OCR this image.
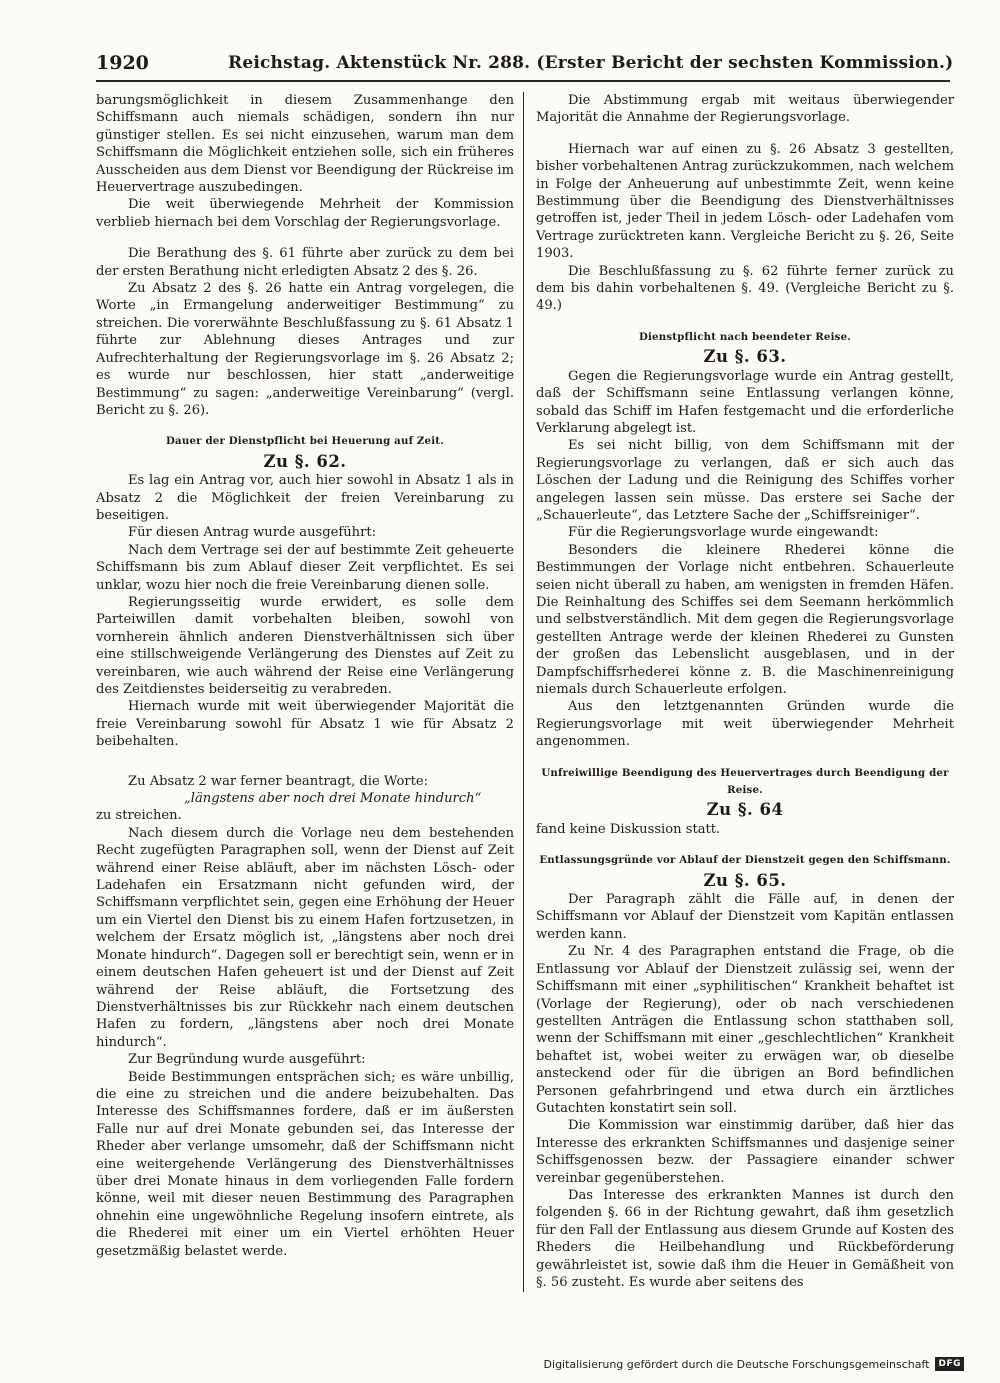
1920	Reichstag. Aktenstück Nr. 288. (Erster Bericht der sechsten Kommission.)

barungsmöglichkeit in diesem Zusammenhange den Schiffsmann auch niemals schädigen, sondern ihn nur günstiger stellen. Es sei nicht einzusehen, warum man dem Schiffsmann die Möglichkeit entziehen solle, sich ein früheres Ausscheiden aus dem Dienst vor Beendigung der Rückreise im Heuervertrage auszubedingen.

Die weit überwiegende Mehrheit der Kommission verblieb hiernach bei dem Vorschlag der Regierungsvorlage.

Die Berathung des §. 61 führte aber zurück zu dem bei der ersten Berathung nicht erledigten Absatz 2 des §. 26.

Zu Absatz 2 des §. 26 hatte ein Antrag vorgelegen, die Worte „in Ermangelung anderweitiger Bestimmung“ zu streichen. Die vorerwähnte Beschlußfassung zu §. 61 Absatz 1 führte zur Ablehnung dieses Antrages und zur Aufrechterhaltung der Regierungsvorlage im §. 26 Absatz 2; es wurde nur beschlossen, hier statt „anderweitige Bestimmung“ zu sagen: „anderweitige Vereinbarung“ (vergl. Bericht zu §. 26).

Dauer der Dienstpflicht bei Heuerung auf Zeit.
Zu §. 62.

Es lag ein Antrag vor, auch hier sowohl in Absatz 1 als in Absatz 2 die Möglichkeit der freien Vereinbarung zu beseitigen.

Für diesen Antrag wurde ausgeführt:

Nach dem Vertrage sei der auf bestimmte Zeit geheuerte Schiffsmann bis zum Ablauf dieser Zeit verpflichtet. Es sei unklar, wozu hier noch die freie Vereinbarung dienen solle.

Regierungsseitig wurde erwidert, es solle dem Parteiwillen damit vorbehalten bleiben, sowohl von vornherein ähnlich anderen Dienstverhältnissen sich über eine stillschweigende Verlängerung des Dienstes auf Zeit zu vereinbaren, wie auch während der Reise eine Verlängerung des Zeitdienstes beiderseitig zu verabreden.

Hiernach wurde mit weit überwiegender Majorität die freie Vereinbarung sowohl für Absatz 1 wie für Absatz 2 beibehalten.

Zu Absatz 2 war ferner beantragt, die Worte:

„längstens aber noch drei Monate hindurch“

zu streichen.

Nach diesem durch die Vorlage neu dem bestehenden Recht zugefügten Paragraphen soll, wenn der Dienst auf Zeit während einer Reise abläuft, aber im nächsten Lösch- oder Ladehafen ein Ersatzmann nicht gefunden wird, der Schiffsmann verpflichtet sein, gegen eine Erhöhung der Heuer um ein Viertel den Dienst bis zu einem Hafen fortzusetzen, in welchem der Ersatz möglich ist, „längstens aber noch drei Monate hindurch“. Dagegen soll er berechtigt sein, wenn er in einem deutschen Hafen geheuert ist und der Dienst auf Zeit während der Reise abläuft, die Fortsetzung des Dienstverhältnisses bis zur Rückkehr nach einem deutschen Hafen zu fordern, „längstens aber noch drei Monate hindurch“.

Zur Begründung wurde ausgeführt:

Beide Bestimmungen entsprächen sich; es wäre unbillig, die eine zu streichen und die andere beizubehalten. Das Interesse des Schiffsmannes fordere, daß er im äußersten Falle nur auf drei Monate gebunden sei, das Interesse der Rheder aber verlange umsomehr, daß der Schiffsmann nicht eine weitergehende Verlängerung des Dienstverhältnisses über drei Monate hinaus in dem vorliegenden Falle fordern könne, weil mit dieser neuen Bestimmung des Paragraphen ohnehin eine ungewöhnliche Regelung insofern eintrete, als die Rhederei mit einer um ein Viertel erhöhten Heuer gesetzmäßig belastet werde.

Die Abstimmung ergab mit weitaus überwiegender Majorität die Annahme der Regierungsvorlage.

Hiernach war auf einen zu §. 26 Absatz 3 gestellten, bisher vorbehaltenen Antrag zurückzukommen, nach welchem in Folge der Anheuerung auf unbestimmte Zeit, wenn keine Bestimmung über die Beendigung des Dienstverhältnisses getroffen ist, jeder Theil in jedem Lösch- oder Ladehafen vom Vertrage zurücktreten kann. Vergleiche Bericht zu §. 26, Seite 1903.

Die Beschlußfassung zu §. 62 führte ferner zurück zu dem bis dahin vorbehaltenen §. 49. (Vergleiche Bericht zu §. 49.)

Dienstpflicht nach beendeter Reise.
Zu §. 63.

Gegen die Regierungsvorlage wurde ein Antrag gestellt, daß der Schiffsmann seine Entlassung verlangen könne, sobald das Schiff im Hafen festgemacht und die erforderliche Verklarung abgelegt ist.

Es sei nicht billig, von dem Schiffsmann mit der Regierungsvorlage zu verlangen, daß er sich auch das Löschen der Ladung und die Reinigung des Schiffes vorher angelegen lassen sein müsse. Das erstere sei Sache der „Schauerleute“, das Letztere Sache der „Schiffsreiniger“.

Für die Regierungsvorlage wurde eingewandt:

Besonders die kleinere Rhederei könne die Bestimmungen der Vorlage nicht entbehren. Schauerleute seien nicht überall zu haben, am wenigsten in fremden Häfen. Die Reinhaltung des Schiffes sei dem Seemann herkömmlich und selbstverständlich. Mit dem gegen die Regierungsvorlage gestellten Antrage werde der kleinen Rhederei zu Gunsten der großen das Lebenslicht ausgeblasen, und in der Dampfschiffsrhederei könne z. B. die Maschinenreinigung niemals durch Schauerleute erfolgen.

Aus den letztgenannten Gründen wurde die Regierungsvorlage mit weit überwiegender Mehrheit angenommen.

Unfreiwillige Beendigung des Heuervertrages durch Beendigung der Reise.
Zu §. 64

fand keine Diskussion statt.

Entlassungsgründe vor Ablauf der Dienstzeit gegen den Schiffsmann.
Zu §. 65.

Der Paragraph zählt die Fälle auf, in denen der Schiffsmann vor Ablauf der Dienstzeit vom Kapitän entlassen werden kann.

Zu Nr. 4 des Paragraphen entstand die Frage, ob die Entlassung vor Ablauf der Dienstzeit zulässig sei, wenn der Schiffsmann mit einer „syphilitischen“ Krankheit behaftet ist (Vorlage der Regierung), oder ob nach verschiedenen gestellten Anträgen die Entlassung schon statthaben soll, wenn der Schiffsmann mit einer „geschlechtlichen“ Krankheit behaftet ist, wobei weiter zu erwägen war, ob dieselbe ansteckend oder für die übrigen an Bord befindlichen Personen gefahrbringend und etwa durch ein ärztliches Gutachten konstatirt sein soll.

Die Kommission war einstimmig darüber, daß hier das Interesse des erkrankten Schiffsmannes und dasjenige seiner Schiffsgenossen bezw. der Passagiere einander schwer vereinbar gegenüberstehen.

Das Interesse des erkrankten Mannes ist durch den folgenden §. 66 in der Richtung gewahrt, daß ihm gesetzlich für den Fall der Entlassung aus diesem Grunde auf Kosten des Rheders die Heilbehandlung und Rückbeförderung gewährleistet ist, sowie daß ihm die Heuer in Gemäßheit von §. 56 zusteht. Es wurde aber seitens des

Digitalisierung gefördert durch die Deutsche Forschungsgemeinschaft	DFG
